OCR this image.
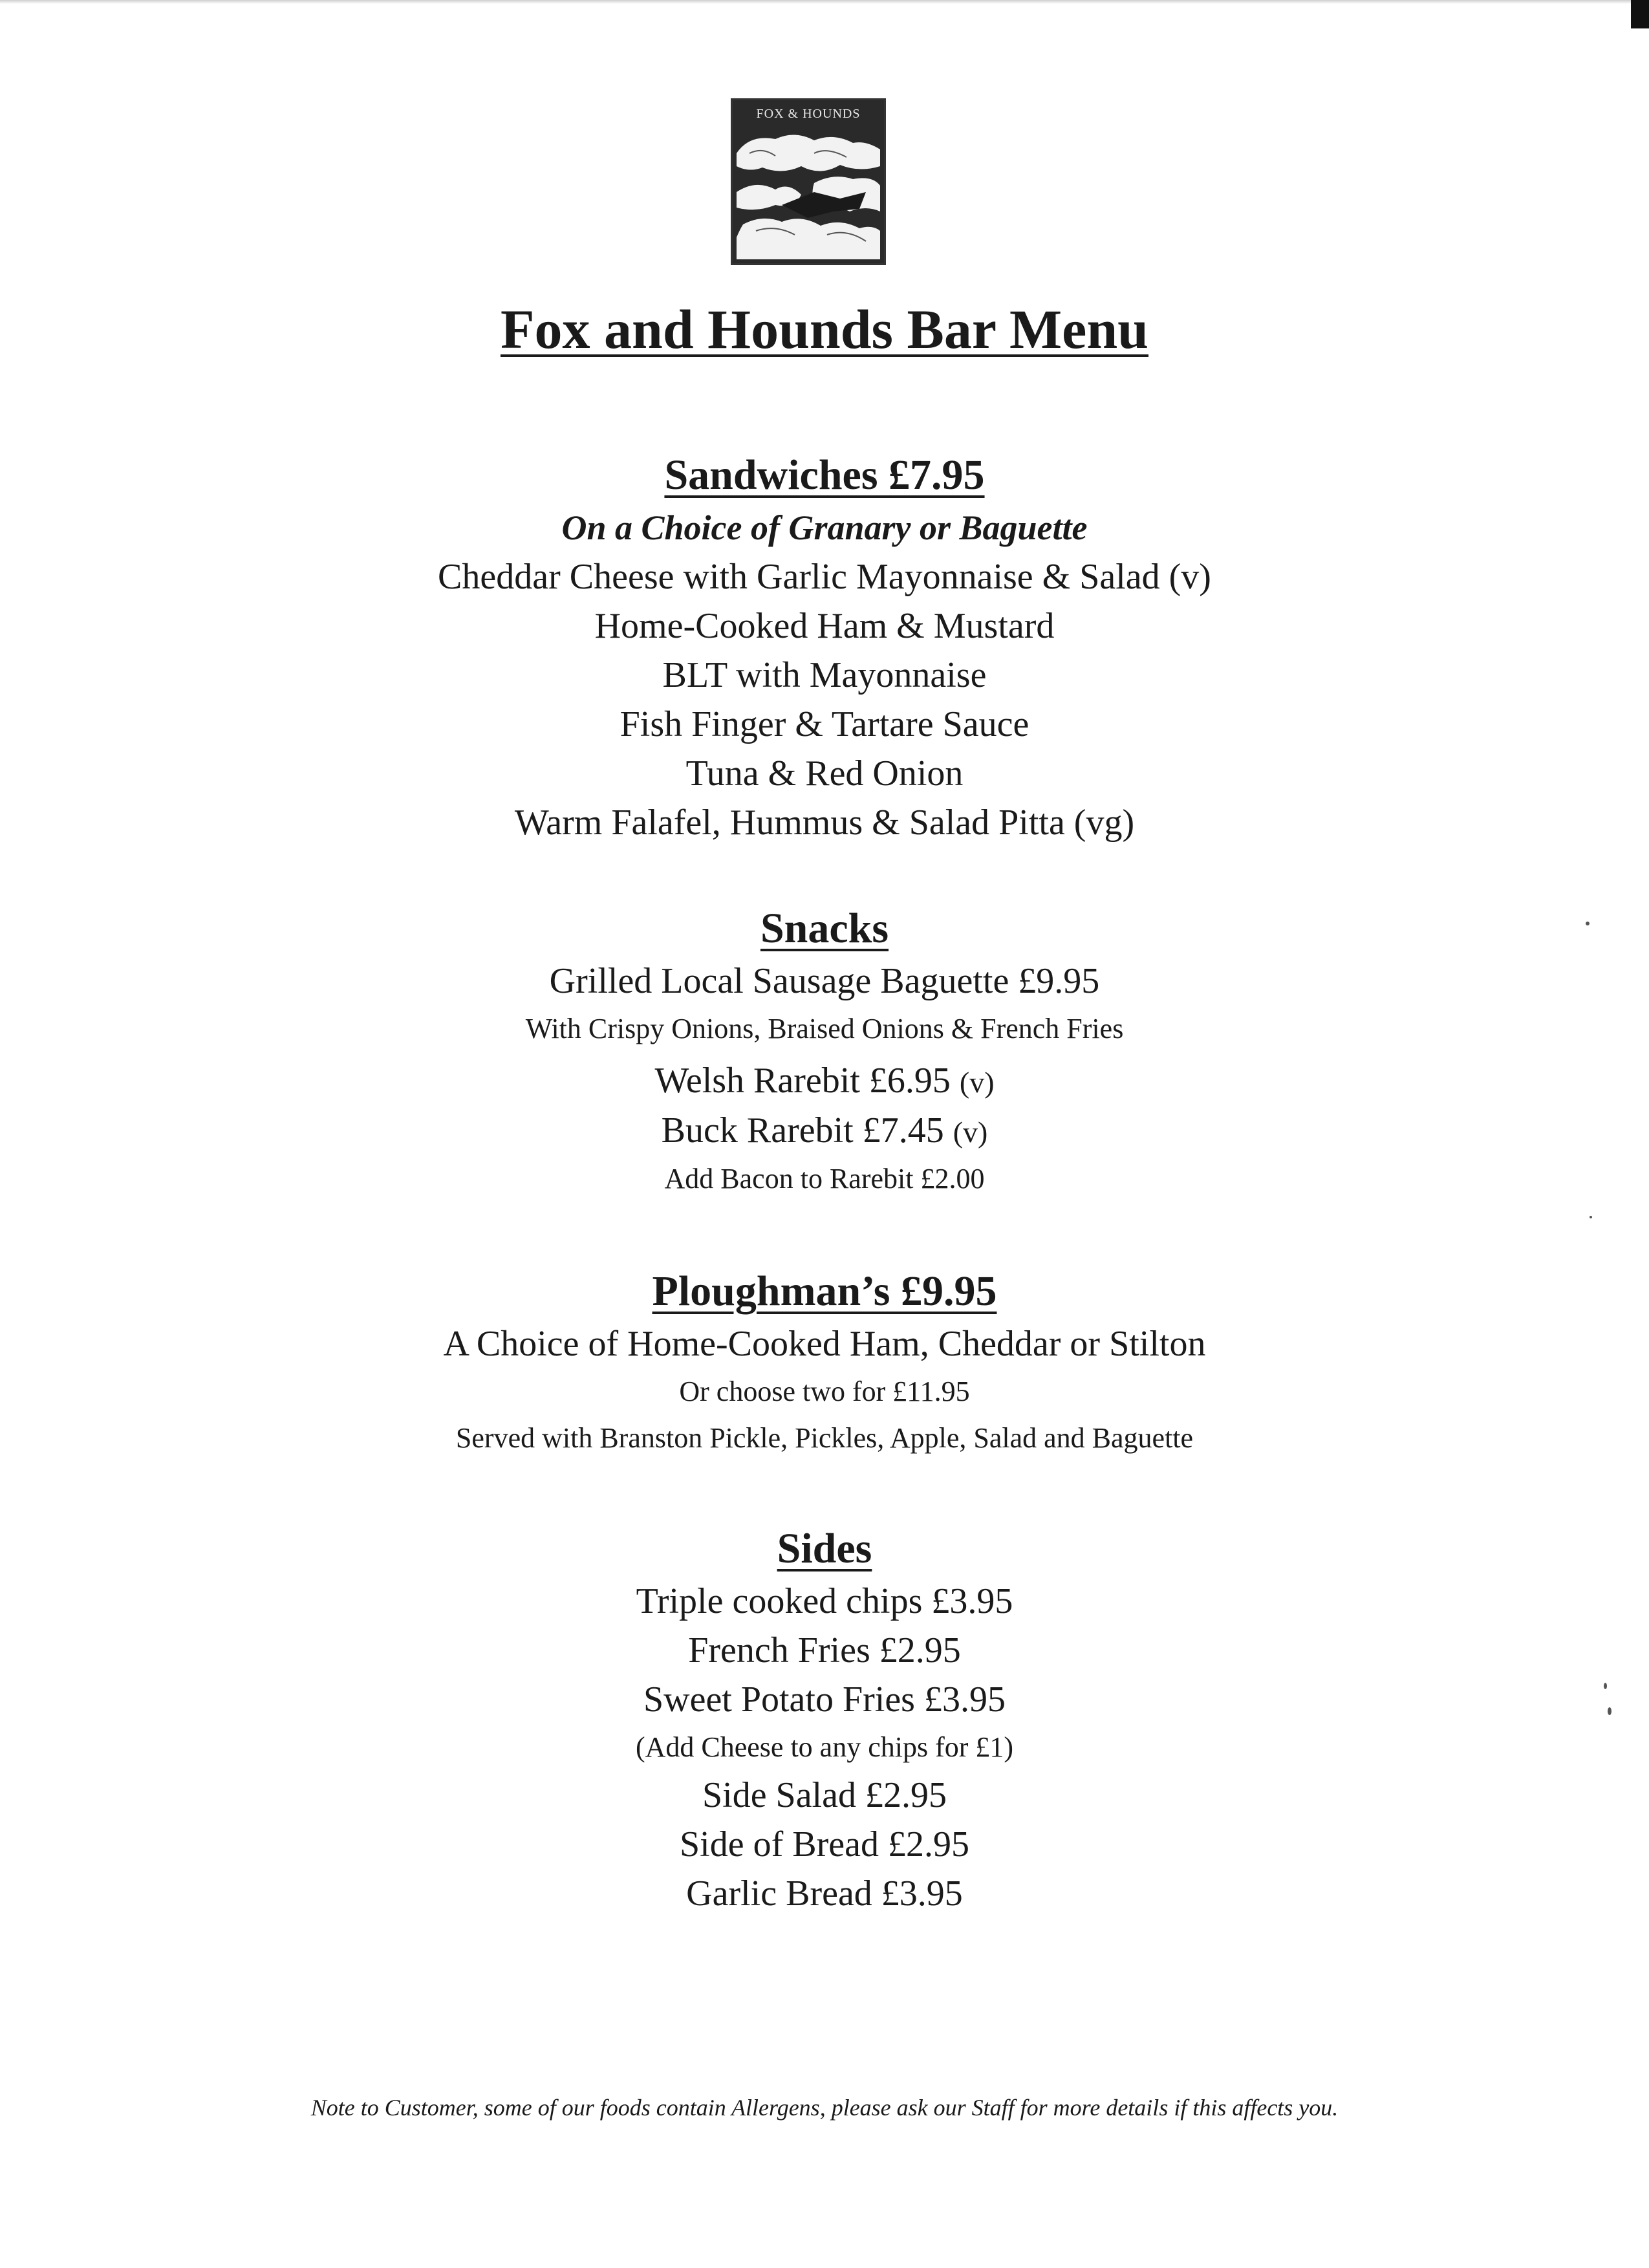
FOX & HOUNDS
Fox and Hounds Bar Menu
Sandwiches £7.95
On a Choice of Granary or Baguette
Cheddar Cheese with Garlic Mayonnaise & Salad (v)
Home-Cooked Ham & Mustard
BLT with Mayonnaise
Fish Finger & Tartare Sauce
Tuna & Red Onion
Warm Falafel, Hummus & Salad Pitta (vg)
Snacks
Grilled Local Sausage Baguette £9.95
With Crispy Onions, Braised Onions & French Fries
Welsh Rarebit £6.95 (v)
Buck Rarebit £7.45 (v)
Add Bacon to Rarebit £2.00
Ploughman’s £9.95
A Choice of Home-Cooked Ham, Cheddar or Stilton
Or choose two for £11.95
Served with Branston Pickle, Pickles, Apple, Salad and Baguette
Sides
Triple cooked chips £3.95
French Fries £2.95
Sweet Potato Fries £3.95
(Add Cheese to any chips for £1)
Side Salad £2.95
Side of Bread £2.95
Garlic Bread £3.95
Note to Customer, some of our foods contain Allergens, please ask our Staff for more details if this affects you.
